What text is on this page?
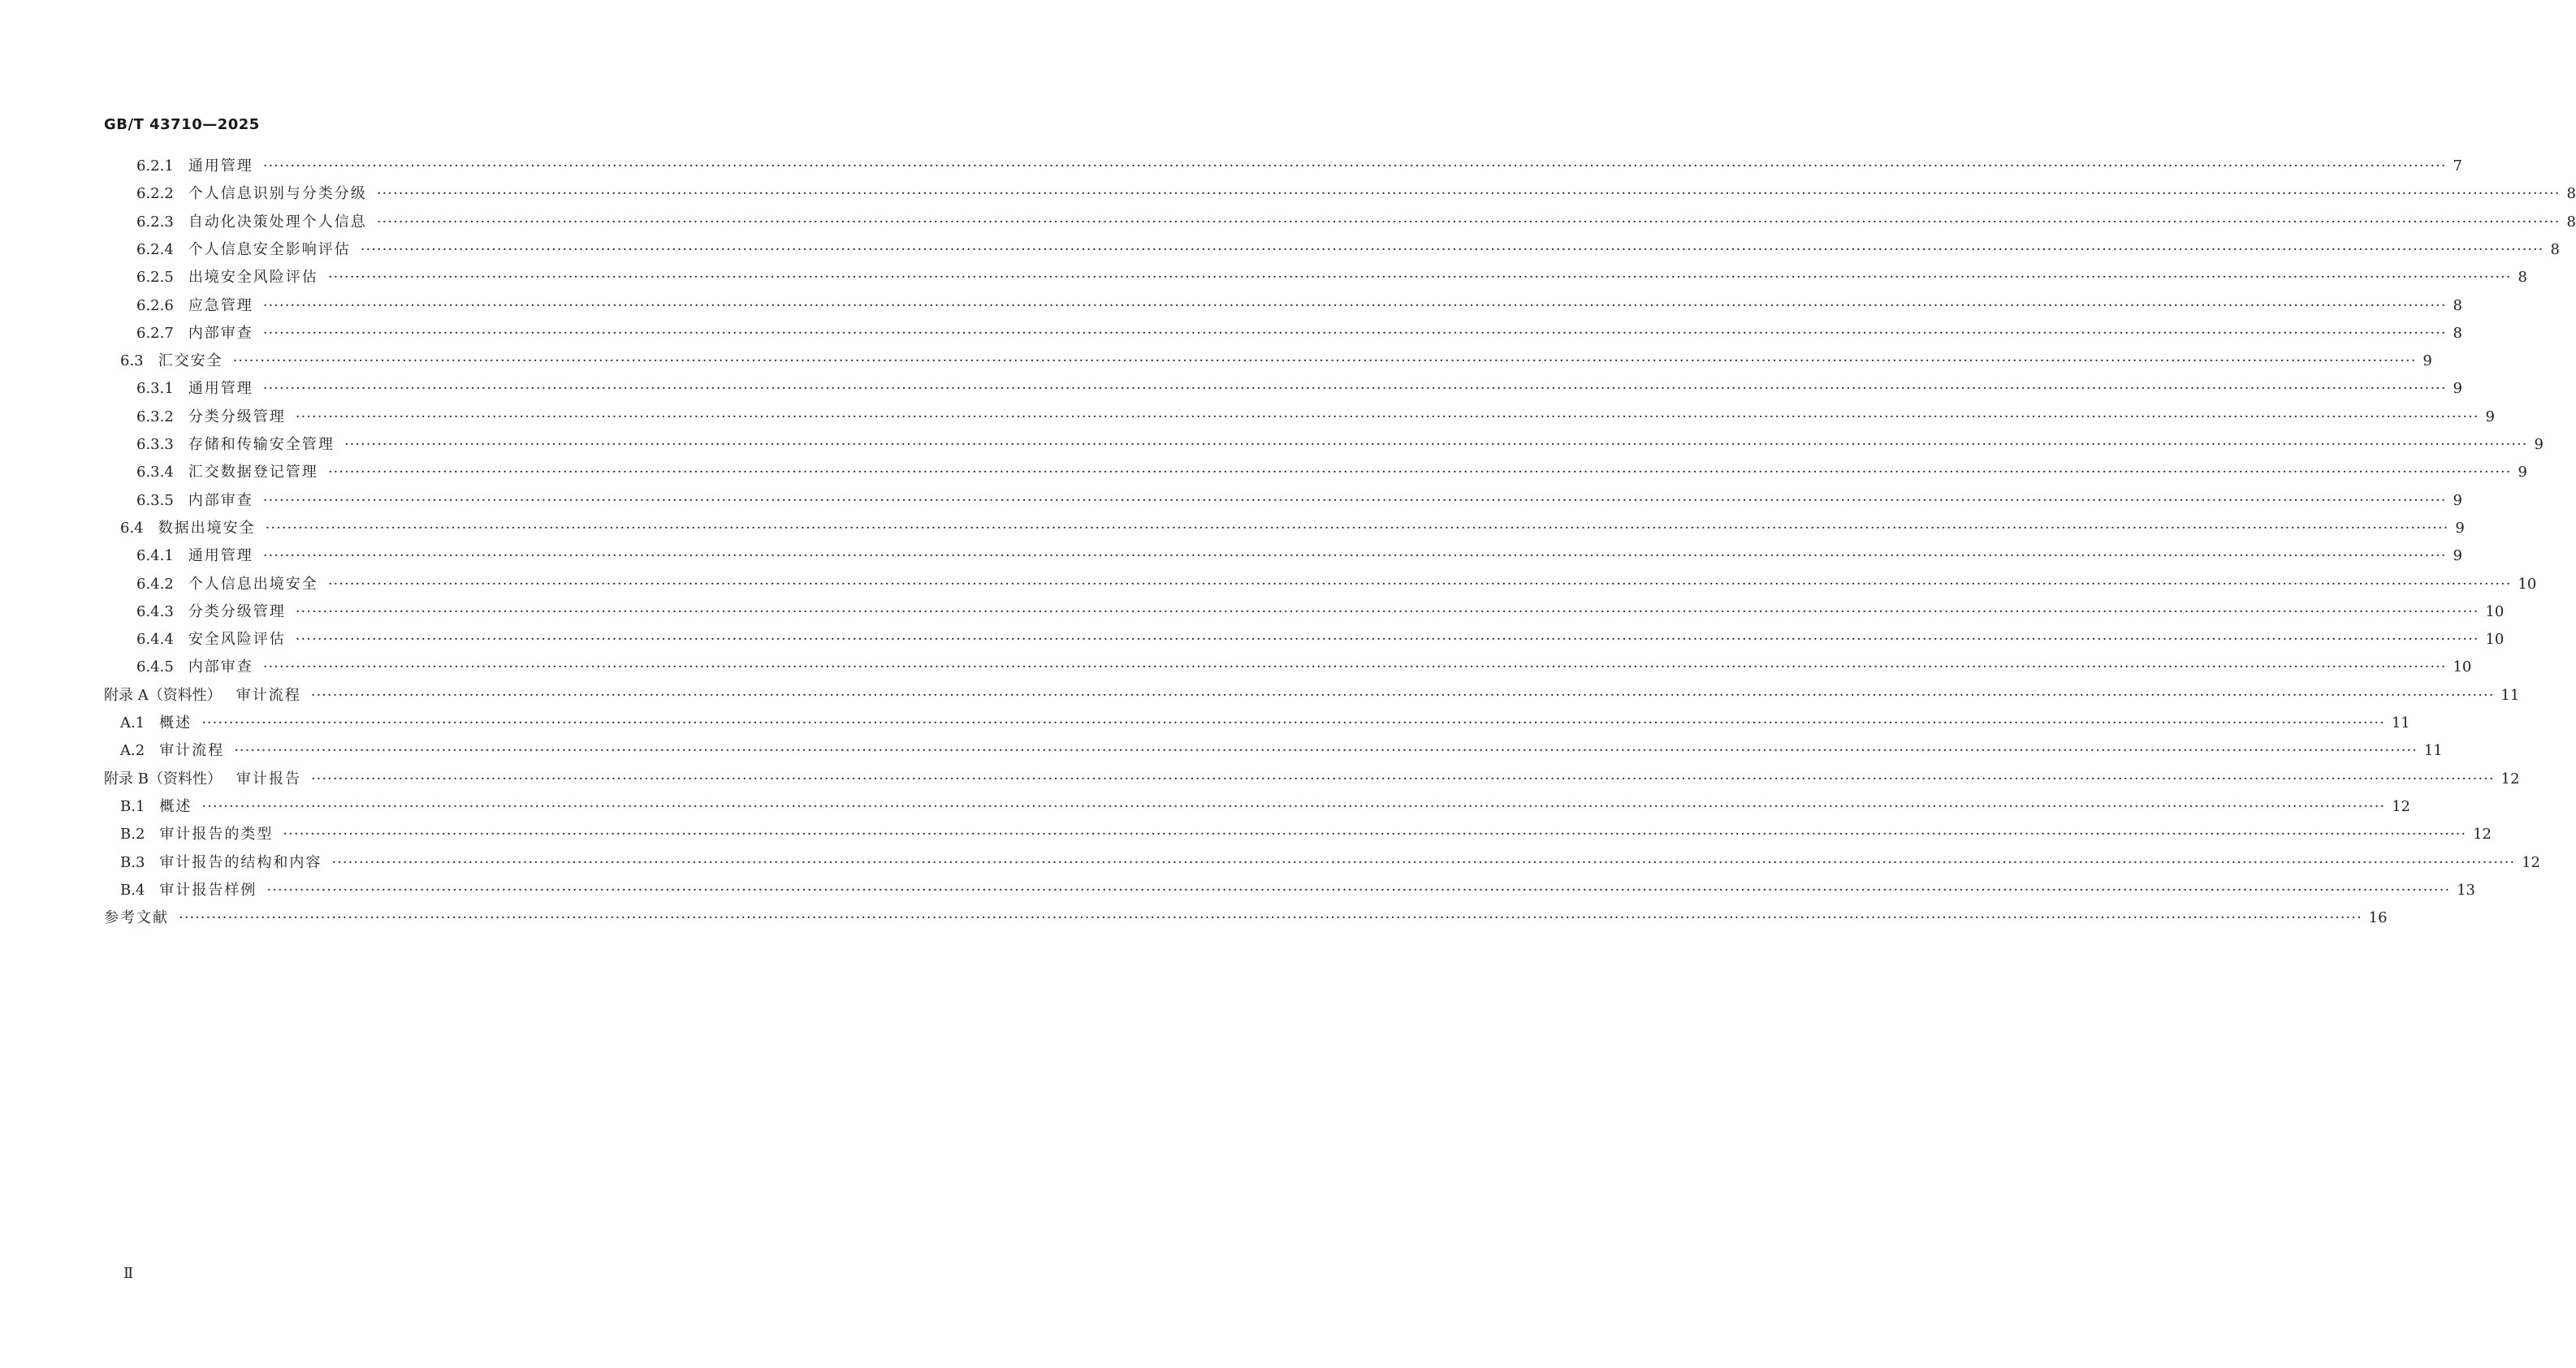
GB/T 43710—2025
6.2.1 通用管理 ················································································································································································································································································································································································································ 7
6.2.2 个人信息识别与分类分级 ················································································································································································································································································································································································································ 8
6.2.3 自动化决策处理个人信息 ················································································································································································································································································································································································································ 8
6.2.4 个人信息安全影响评估 ················································································································································································································································································································································································································ 8
6.2.5 出境安全风险评估 ················································································································································································································································································································································································································ 8
6.2.6 应急管理 ················································································································································································································································································································································································································ 8
6.2.7 内部审查 ················································································································································································································································································································································································································ 8
6.3 汇交安全 ················································································································································································································································································································································································································ 9
6.3.1 通用管理 ················································································································································································································································································································································································································ 9
6.3.2 分类分级管理 ················································································································································································································································································································································································································ 9
6.3.3 存储和传输安全管理 ················································································································································································································································································································································································································ 9
6.3.4 汇交数据登记管理 ················································································································································································································································································································································································································ 9
6.3.5 内部审查 ················································································································································································································································································································································································································ 9
6.4 数据出境安全 ················································································································································································································································································································································································································ 9
6.4.1 通用管理 ················································································································································································································································································································································································································ 9
6.4.2 个人信息出境安全 ················································································································································································································································································································································································································ 10
6.4.3 分类分级管理 ················································································································································································································································································································································································································ 10
6.4.4 安全风险评估 ················································································································································································································································································································································································································ 10
6.4.5 内部审查 ················································································································································································································································································································································································································ 10
附录 A（资料性） 审计流程 ················································································································································································································································································································································································································ 11
A.1 概述 ················································································································································································································································································································································································································ 11
A.2 审计流程 ················································································································································································································································································································································································································ 11
附录 B（资料性） 审计报告 ················································································································································································································································································································································································································ 12
B.1 概述 ················································································································································································································································································································································································································ 12
B.2 审计报告的类型 ················································································································································································································································································································································································································ 12
B.3 审计报告的结构和内容 ················································································································································································································································································································································································································ 12
B.4 审计报告样例 ················································································································································································································································································································································································································ 13
参考文献 ················································································································································································································································································································································································································ 16
Ⅱ
